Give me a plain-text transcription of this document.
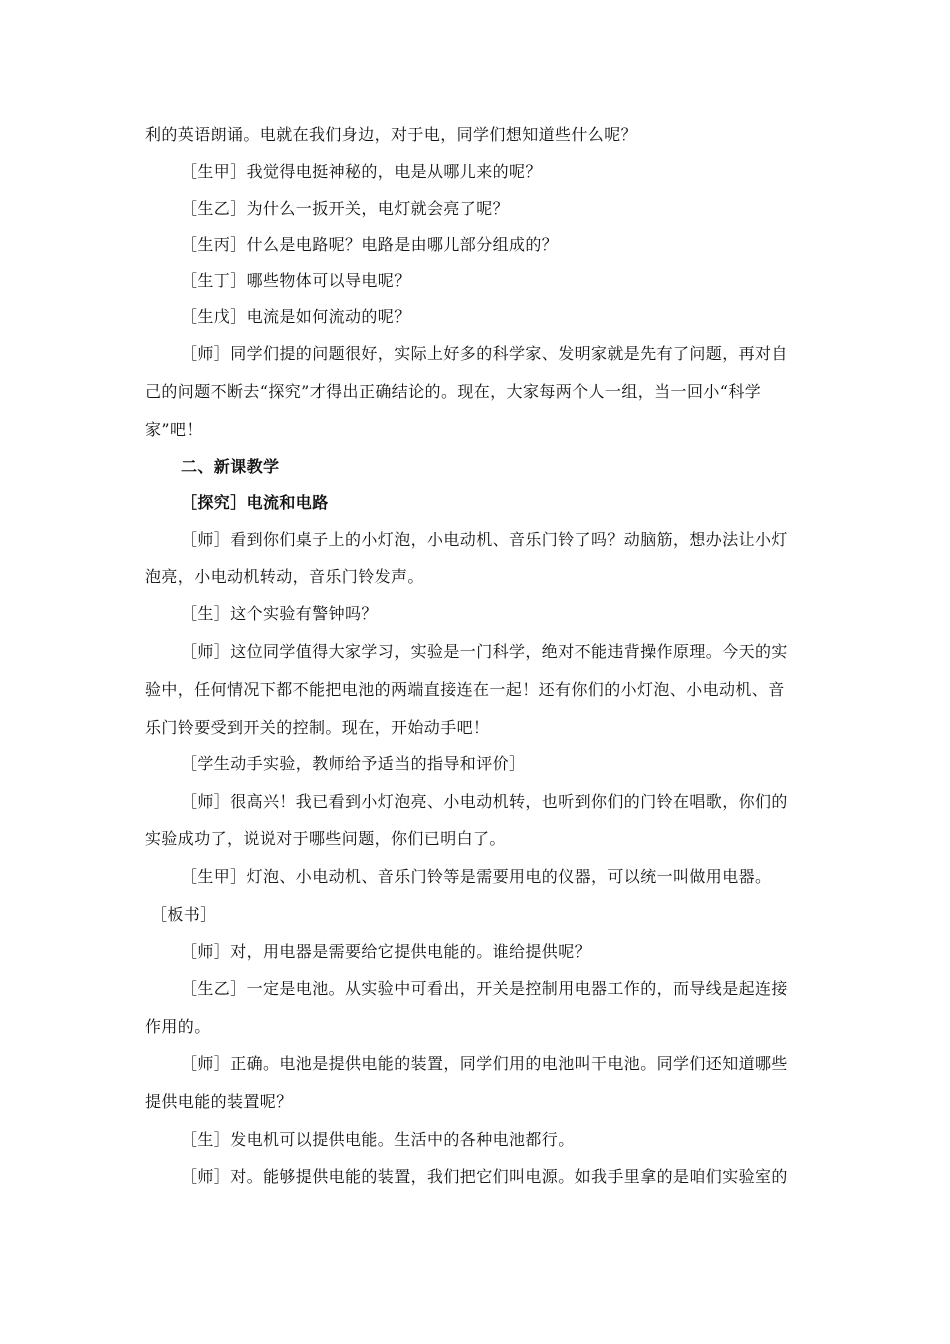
利的英语朗诵。电就在我们身边，对于电，同学们想知道些什么呢？
［生甲］我觉得电挺神秘的，电是从哪儿来的呢？
［生乙］为什么一扳开关，电灯就会亮了呢？
［生丙］什么是电路呢？电路是由哪儿部分组成的？
［生丁］哪些物体可以导电呢？
［生戊］电流是如何流动的呢？
［师］同学们提的问题很好，实际上好多的科学家、发明家就是先有了问题，再对自
己的问题不断去“探究”才得出正确结论的。现在，大家每两个人一组，当一回小“科学
家”吧！
二、新课教学
［探究］电流和电路
［师］看到你们桌子上的小灯泡，小电动机、音乐门铃了吗？动脑筋，想办法让小灯
泡亮，小电动机转动，音乐门铃发声。
［生］这个实验有警钟吗？
［师］这位同学值得大家学习，实验是一门科学，绝对不能违背操作原理。今天的实
验中，任何情况下都不能把电池的两端直接连在一起！还有你们的小灯泡、小电动机、音
乐门铃要受到开关的控制。现在，开始动手吧！
［学生动手实验，教师给予适当的指导和评价］
［师］很高兴！我已看到小灯泡亮、小电动机转，也听到你们的门铃在唱歌，你们的
实验成功了，说说对于哪些问题，你们已明白了。
［生甲］灯泡、小电动机、音乐门铃等是需要用电的仪器，可以统一叫做用电器。
［板书］
［师］对，用电器是需要给它提供电能的。谁给提供呢？
［生乙］一定是电池。从实验中可看出，开关是控制用电器工作的，而导线是起连接
作用的。
［师］正确。电池是提供电能的装置，同学们用的电池叫干电池。同学们还知道哪些
提供电能的装置呢？
［生］发电机可以提供电能。生活中的各种电池都行。
［师］对。能够提供电能的装置，我们把它们叫电源。如我手里拿的是咱们实验室的
